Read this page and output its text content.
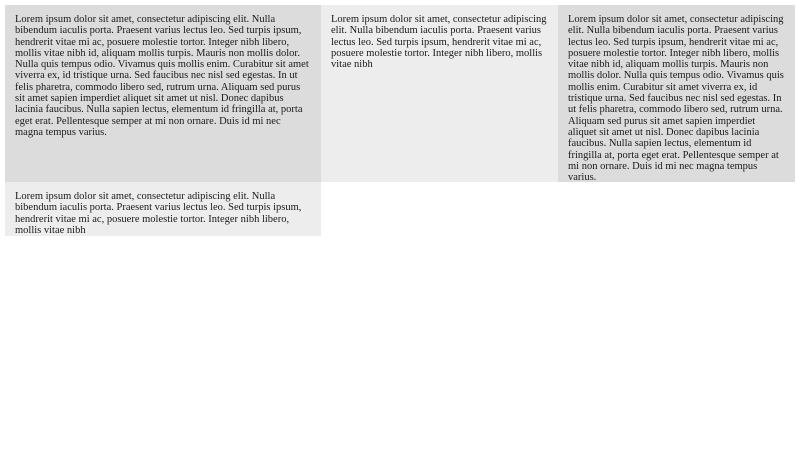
Lorem ipsum dolor sit amet, consectetur adipiscing elit. Nulla bibendum iaculis porta. Praesent varius lectus leo. Sed turpis ipsum, hendrerit vitae mi ac, posuere molestie tortor. Integer nibh libero, mollis vitae nibh id, aliquam mollis turpis. Mauris non mollis dolor. Nulla quis tempus odio. Vivamus quis mollis enim. Curabitur sit amet viverra ex, id tristique urna. Sed faucibus nec nisl sed egestas. In ut felis pharetra, commodo libero sed, rutrum urna. Aliquam sed purus sit amet sapien imperdiet aliquet sit amet ut nisl. Donec dapibus lacinia faucibus. Nulla sapien lectus, elementum id fringilla at, porta eget erat. Pellentesque semper at mi non ornare. Duis id mi nec magna tempus varius.

Lorem ipsum dolor sit amet, consectetur adipiscing elit. Nulla bibendum iaculis porta. Praesent varius lectus leo. Sed turpis ipsum, hendrerit vitae mi ac, posuere molestie tortor. Integer nibh libero, mollis vitae nibh

Lorem ipsum dolor sit amet, consectetur adipiscing elit. Nulla bibendum iaculis porta. Praesent varius lectus leo. Sed turpis ipsum, hendrerit vitae mi ac, posuere molestie tortor. Integer nibh libero, mollis vitae nibh id, aliquam mollis turpis. Mauris non mollis dolor. Nulla quis tempus odio. Vivamus quis mollis enim. Curabitur sit amet viverra ex, id tristique urna. Sed faucibus nec nisl sed egestas. In ut felis pharetra, commodo libero sed, rutrum urna. Aliquam sed purus sit amet sapien imperdiet aliquet sit amet ut nisl. Donec dapibus lacinia faucibus. Nulla sapien lectus, elementum id fringilla at, porta eget erat. Pellentesque semper at mi non ornare. Duis id mi nec magna tempus varius.

Lorem ipsum dolor sit amet, consectetur adipiscing elit. Nulla bibendum iaculis porta. Praesent varius lectus leo. Sed turpis ipsum, hendrerit vitae mi ac, posuere molestie tortor. Integer nibh libero, mollis vitae nibh
